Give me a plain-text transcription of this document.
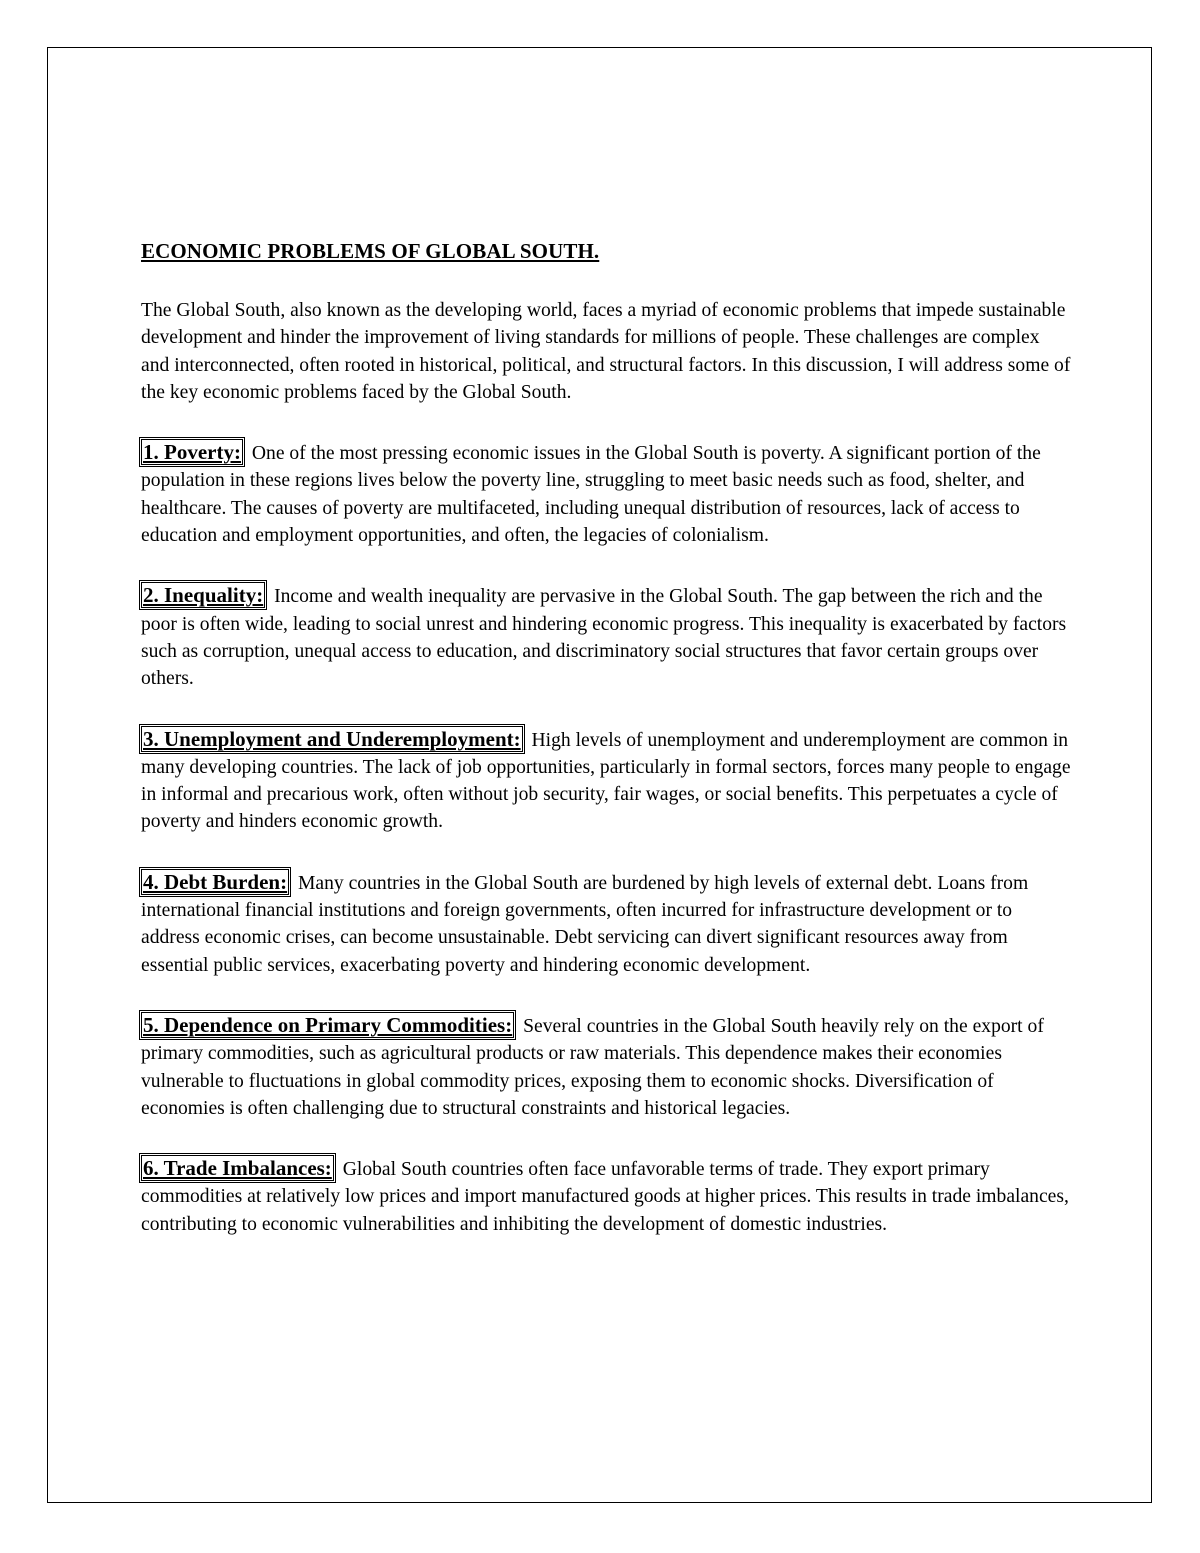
ECONOMIC PROBLEMS OF GLOBAL SOUTH.

The Global South, also known as the developing world, faces a myriad of economic problems that impede sustainable development and hinder the improvement of living standards for millions of people. These challenges are complex and interconnected, often rooted in historical, political, and structural factors. In this discussion, I will address some of the key economic problems faced by the Global South.

1. Poverty: One of the most pressing economic issues in the Global South is poverty. A significant portion of the population in these regions lives below the poverty line, struggling to meet basic needs such as food, shelter, and healthcare. The causes of poverty are multifaceted, including unequal distribution of resources, lack of access to education and employment opportunities, and often, the legacies of colonialism.

2. Inequality: Income and wealth inequality are pervasive in the Global South. The gap between the rich and the poor is often wide, leading to social unrest and hindering economic progress. This inequality is exacerbated by factors such as corruption, unequal access to education, and discriminatory social structures that favor certain groups over others.

3. Unemployment and Underemployment: High levels of unemployment and underemployment are common in many developing countries. The lack of job opportunities, particularly in formal sectors, forces many people to engage in informal and precarious work, often without job security, fair wages, or social benefits. This perpetuates a cycle of poverty and hinders economic growth.

4. Debt Burden: Many countries in the Global South are burdened by high levels of external debt. Loans from international financial institutions and foreign governments, often incurred for infrastructure development or to address economic crises, can become unsustainable. Debt servicing can divert significant resources away from essential public services, exacerbating poverty and hindering economic development.

5. Dependence on Primary Commodities: Several countries in the Global South heavily rely on the export of primary commodities, such as agricultural products or raw materials. This dependence makes their economies vulnerable to fluctuations in global commodity prices, exposing them to economic shocks. Diversification of economies is often challenging due to structural constraints and historical legacies.

6. Trade Imbalances: Global South countries often face unfavorable terms of trade. They export primary commodities at relatively low prices and import manufactured goods at higher prices. This results in trade imbalances, contributing to economic vulnerabilities and inhibiting the development of domestic industries.
